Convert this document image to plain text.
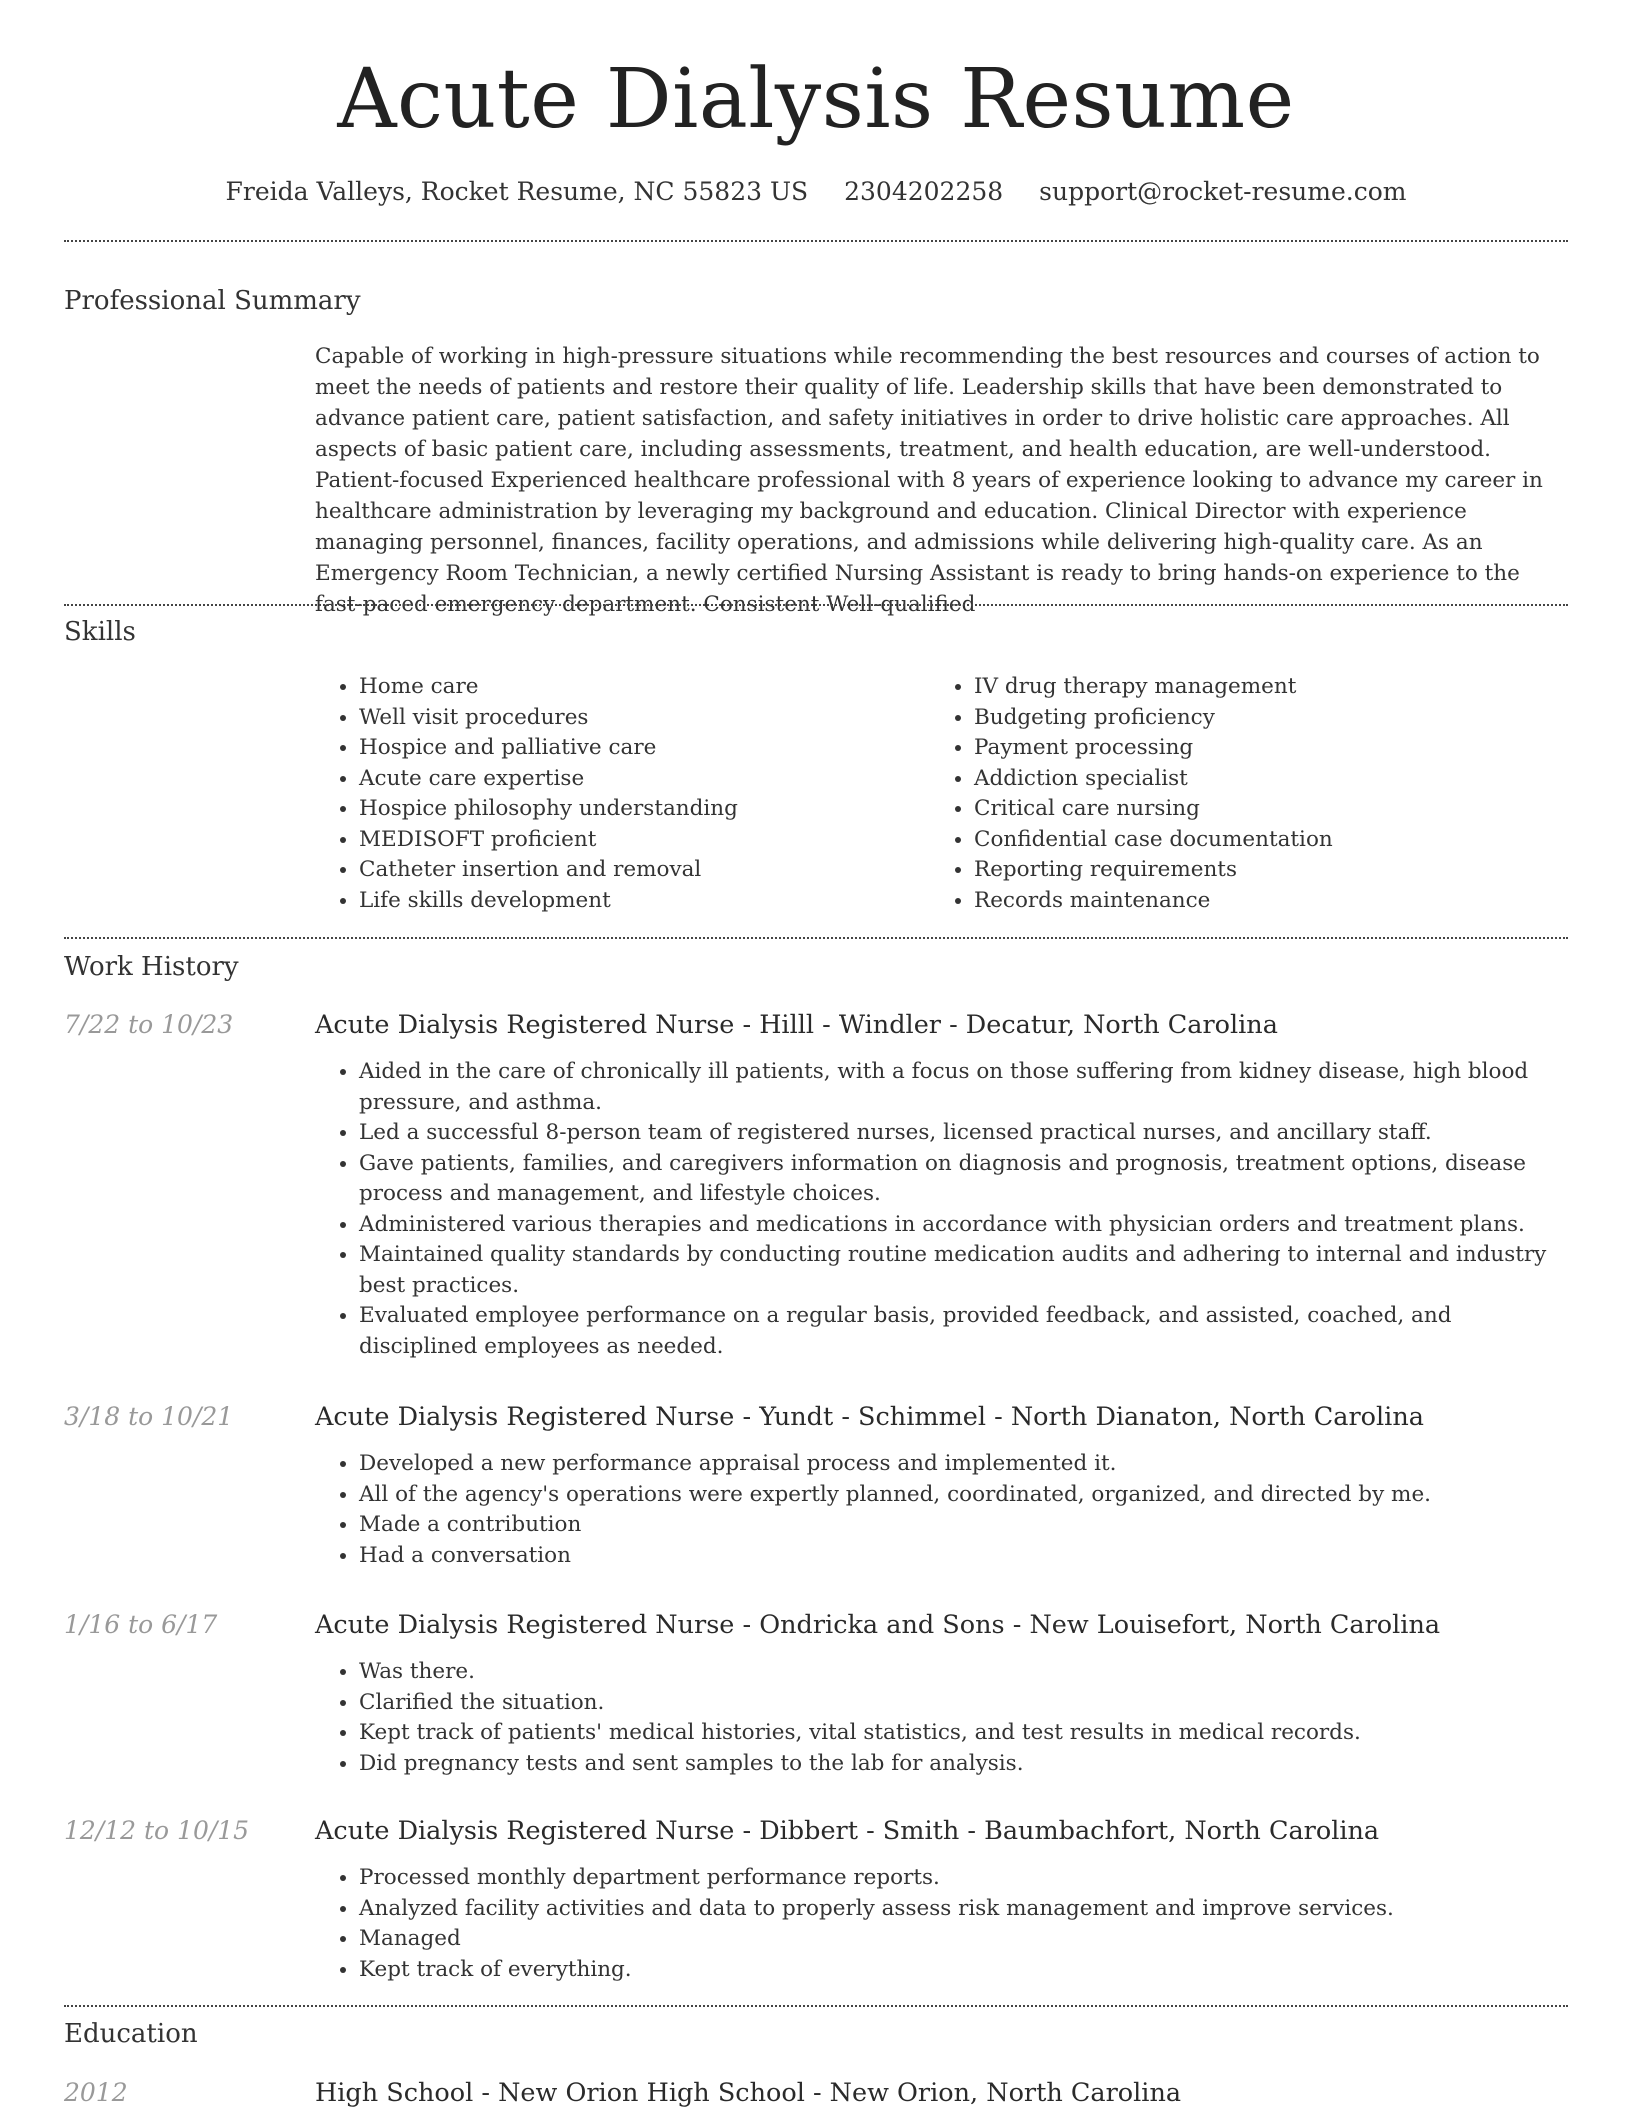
Acute Dialysis Resume
Freida Valleys, Rocket Resume, NC 55823 US 2304202258 support@rocket-resume.com
Professional Summary

Capable of working in high-pressure situations while recommending the best resources and courses of action to meet the needs of patients and restore their quality of life. Leadership skills that have been demonstrated to advance patient care, patient satisfaction, and safety initiatives in order to drive holistic care approaches. All aspects of basic patient care, including assessments, treatment, and health education, are well-understood. Patient-focused Experienced healthcare professional with 8 years of experience looking to advance my career in healthcare administration by leveraging my background and education. Clinical Director with experience managing personnel, finances, facility operations, and admissions while delivering high-quality care. As an Emergency Room Technician, a newly certified Nursing Assistant is ready to bring hands-on experience to the fast-paced emergency department. Consistent Well-qualified

Skills
• Home care
• Well visit procedures
• Hospice and palliative care
• Acute care expertise
• Hospice philosophy understanding
• MEDISOFT proficient
• Catheter insertion and removal
• Life skills development
• IV drug therapy management
• Budgeting proficiency
• Payment processing
• Addiction specialist
• Critical care nursing
• Confidential case documentation
• Reporting requirements
• Records maintenance
Work History
7/22 to 10/23	Acute Dialysis Registered Nurse - Hilll - Windler - Decatur, North Carolina
• Aided in the care of chronically ill patients, with a focus on those suffering from kidney disease, high blood pressure, and asthma.
• Led a successful 8-person team of registered nurses, licensed practical nurses, and ancillary staff.
• Gave patients, families, and caregivers information on diagnosis and prognosis, treatment options, disease process and management, and lifestyle choices.
• Administered various therapies and medications in accordance with physician orders and treatment plans.
• Maintained quality standards by conducting routine medication audits and adhering to internal and industry best practices.
• Evaluated employee performance on a regular basis, provided feedback, and assisted, coached, and disciplined employees as needed.
3/18 to 10/21	Acute Dialysis Registered Nurse - Yundt - Schimmel - North Dianaton, North Carolina
• Developed a new performance appraisal process and implemented it.
• All of the agency's operations were expertly planned, coordinated, organized, and directed by me.
• Made a contribution
• Had a conversation
1/16 to 6/17	Acute Dialysis Registered Nurse - Ondricka and Sons - New Louisefort, North Carolina
• Was there.
• Clarified the situation.
• Kept track of patients' medical histories, vital statistics, and test results in medical records.
• Did pregnancy tests and sent samples to the lab for analysis.
12/12 to 10/15	Acute Dialysis Registered Nurse - Dibbert - Smith - Baumbachfort, North Carolina
• Processed monthly department performance reports.
• Analyzed facility activities and data to properly assess risk management and improve services.
• Managed
• Kept track of everything.
Education
2012	High School - New Orion High School - New Orion, North Carolina
